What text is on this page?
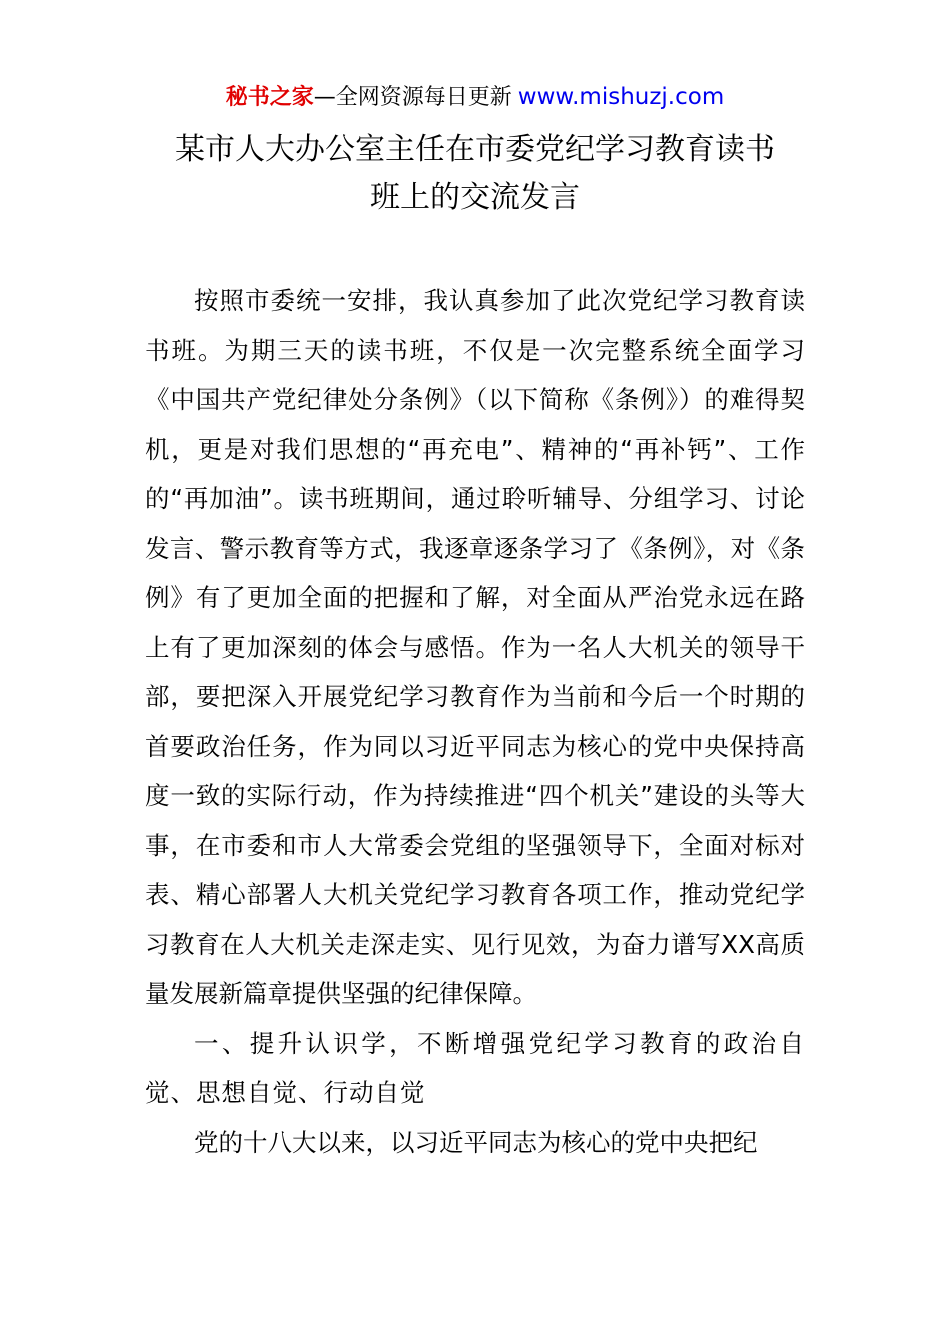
秘书之家—全网资源每日更新 www.mishuzj.com
某市人大办公室主任在市委党纪学习教育读书
班上的交流发言

按照市委统一安排，我认真参加了此次党纪学习教育读书班。为期三天的读书班，不仅是一次完整系统全面学习《中国共产党纪律处分条例》（以下简称《条例》）的难得契机，更是对我们思想的“再充电”、精神的“再补钙”、工作的“再加油”。读书班期间，通过聆听辅导、分组学习、讨论发言、警示教育等方式，我逐章逐条学习了《条例》，对《条例》有了更加全面的把握和了解，对全面从严治党永远在路上有了更加深刻的体会与感悟。作为一名人大机关的领导干部，要把深入开展党纪学习教育作为当前和今后一个时期的首要政治任务，作为同以习近平同志为核心的党中央保持高度一致的实际行动，作为持续推进“四个机关”建设的头等大事，在市委和市人大常委会党组的坚强领导下，全面对标对表、精心部署人大机关党纪学习教育各项工作，推动党纪学习教育在人大机关走深走实、见行见效，为奋力谱写XX高质量发展新篇章提供坚强的纪律保障。

一、提升认识学，不断增强党纪学习教育的政治自觉、思想自觉、行动自觉

党的十八大以来，以习近平同志为核心的党中央把纪
